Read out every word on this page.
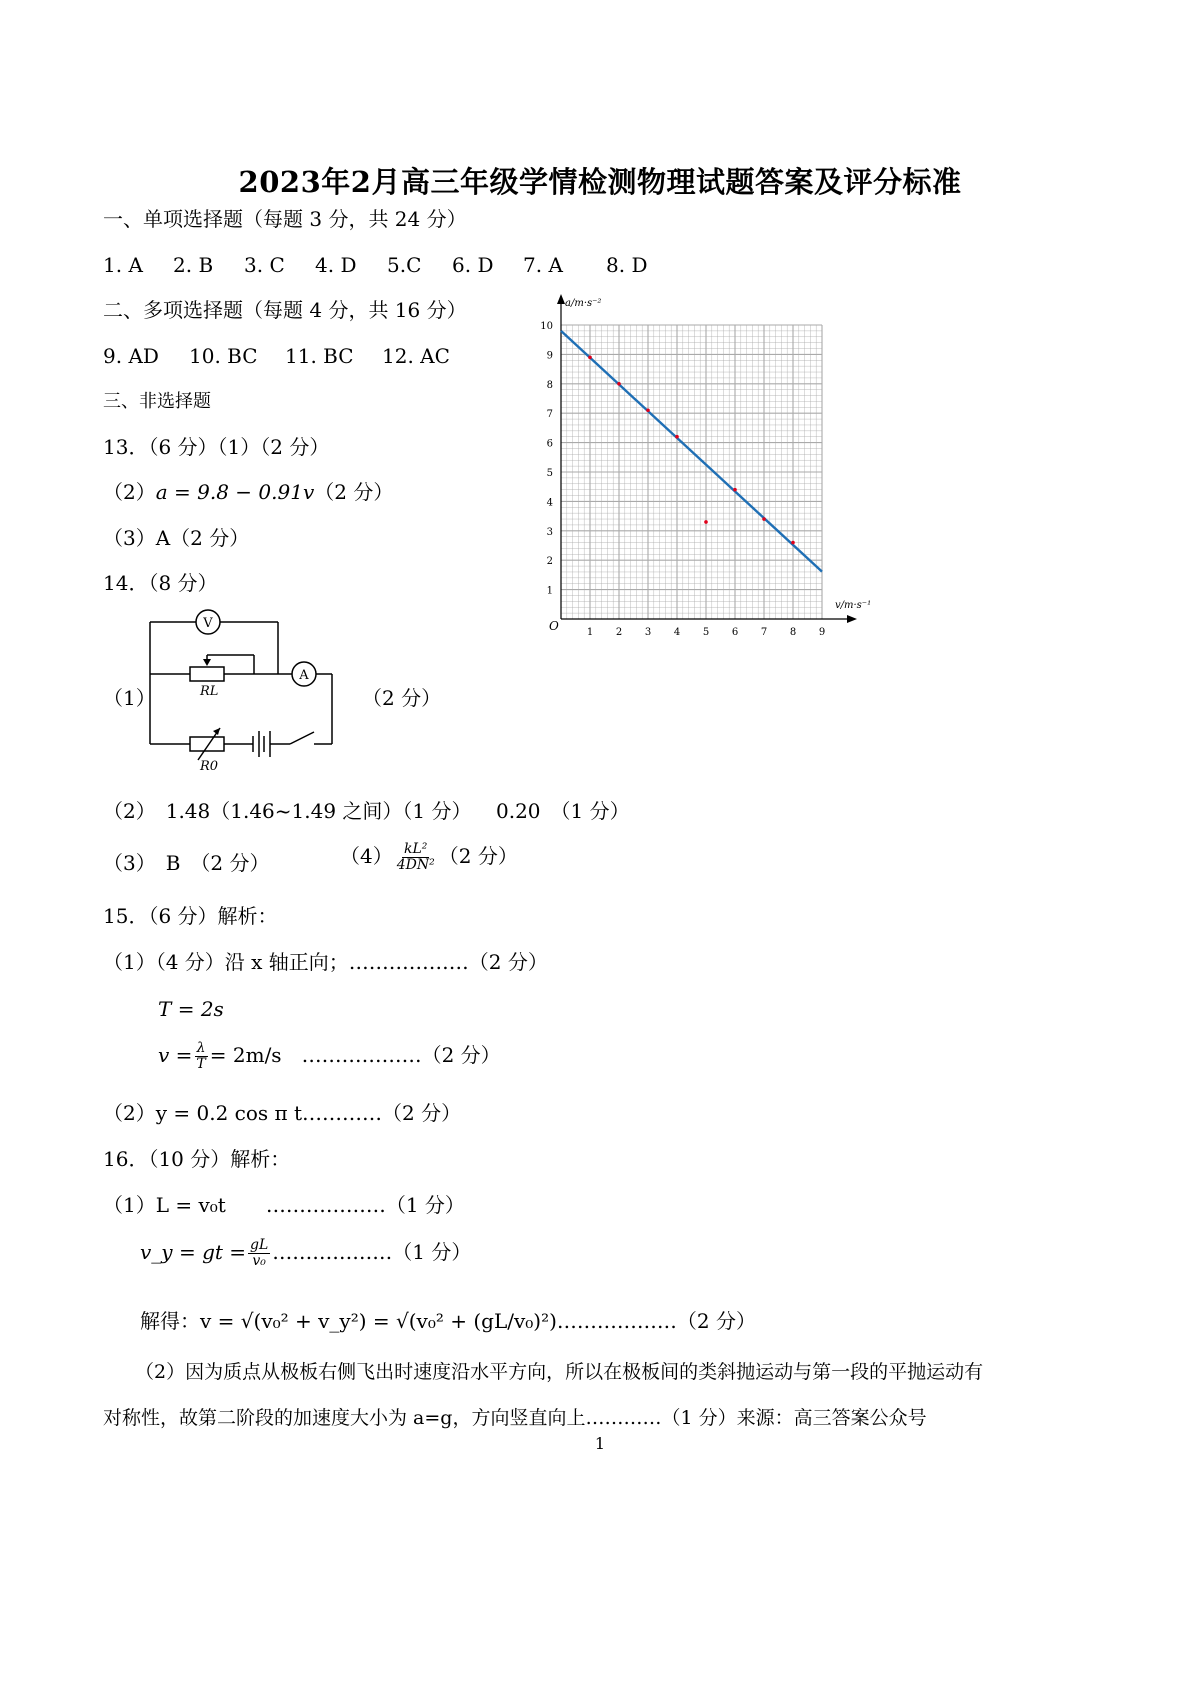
2023年2月高三年级学情检测物理试题答案及评分标准
一、单项选择题（每题 3 分，共 24 分）
1. A 2. B 3. C 4. D 5.C 6. D 7. A 8. D
二、多项选择题（每题 4 分，共 16 分）
9. AD 10. BC 11. BC 12. AC
三、非选择题
13．（6 分）（1）（2 分）
（2）a = 9.8 − 0.91v（2 分）
（3）A（2 分）
14．（8 分）
（1）	（2 分）
V
A
RL
R0
（2）　1.48（1.46~1.49 之间）（1 分） 0.20　（1 分）
（3）　B　（2 分）	$(4) \frac{\text{kL²}}{\text{4DN²}} (2$ 分）
15．（6 分）解析：
（1）（4 分）沿 x 轴正向；………………（2 分）
T = 2s
$v = \frac{\lambda}{T} = 2m/s$　………………（2 分）
（2）y = 0.2 cos π t…………（2 分）
16．（10 分）解析：
（1）L = v₀t　　………………（1 分）
v_y = gt = $\frac{gL}{\text{v₀}}$ ………………（1 分）
解得：v = √(v₀² + v_y²) = √(v₀² + (gL/v₀)²)………………（2 分）
（2）因为质点从极板右侧飞出时速度沿水平方向，所以在极板间的类斜抛运动与第一段的平抛运动有
对称性，故第二阶段的加速度大小为 a=g，方向竖直向上…………（1 分）来源：高三答案公众号
1
1 2 3 4 5 6 7 8 9
1
2
3
4
5
6
7
8
9
10
a/m·s⁻²
v/m·s⁻¹
O
